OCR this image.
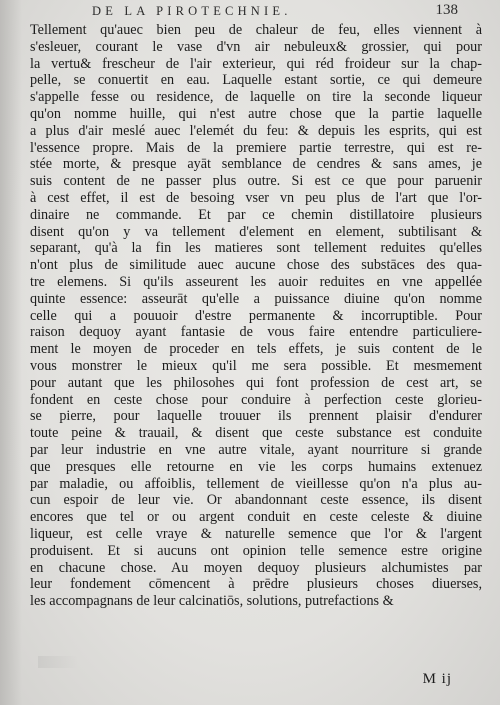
DE LA PIROTECHNIE.	138
Tellement qu'auec bien peu de chaleur de feu, elles viennent à
s'esleuer, courant le vase d'vn air nebuleux& grossier, qui pour
la vertu& frescheur de l'air exterieur, qui réd froideur sur la chap-
pelle, se conuertit en eau. Laquelle estant sortie, ce qui demeure
s'appelle fesse ou residence, de laquelle on tire la seconde liqueur
qu'on nomme huille, qui n'est autre chose que la partie laquelle
a plus d'air meslé auec l'elemét du feu: & depuis les esprits, qui est
l'essence propre. Mais de la premiere partie terrestre, qui est re-
stée morte, & presque ayāt semblance de cendres & sans ames, je
suis content de ne passer plus outre. Si est ce que pour paruenir
à cest effet, il est de besoing vser vn peu plus de l'art que l'or-
dinaire ne commande. Et par ce chemin distillatoire plusieurs
disent qu'on y va tellement d'element en element, subtilisant &
separant, qu'à la fin les matieres sont tellement reduites qu'elles
n'ont plus de similitude auec aucune chose des substāces des qua-
tre elemens. Si qu'ils asseurent les auoir reduites en vne appellée
quinte essence: asseurāt qu'elle a puissance diuine qu'on nomme
celle qui a pouuoir d'estre permanente & incorruptible. Pour
raison dequoy ayant fantasie de vous faire entendre particuliere-
ment le moyen de proceder en tels effets, je suis content de le
vous monstrer le mieux qu'il me sera possible. Et mesmement
pour autant que les philosohes qui font profession de cest art, se
fondent en ceste chose pour conduire à perfection ceste glorieu-
se pierre, pour laquelle trouuer ils prennent plaisir d'endurer
toute peine & trauail, & disent que ceste substance est conduite
par leur industrie en vne autre vitale, ayant nourriture si grande
que presques elle retourne en vie les corps humains extenuez
par maladie, ou affoiblis, tellement de vieillesse qu'on n'a plus au-
cun espoir de leur vie. Or abandonnant ceste essence, ils disent
encores que tel or ou argent conduit en ceste celeste & diuine
liqueur, est celle vraye & naturelle semence que l'or & l'argent
produisent. Et si aucuns ont opinion telle semence estre origine
en chacune chose. Au moyen dequoy plusieurs alchumistes par
leur fondement cōmencent à prēdre plusieurs choses diuerses,
les accompagnans de leur calcinatiōs, solutions, putrefactions &
M ij
